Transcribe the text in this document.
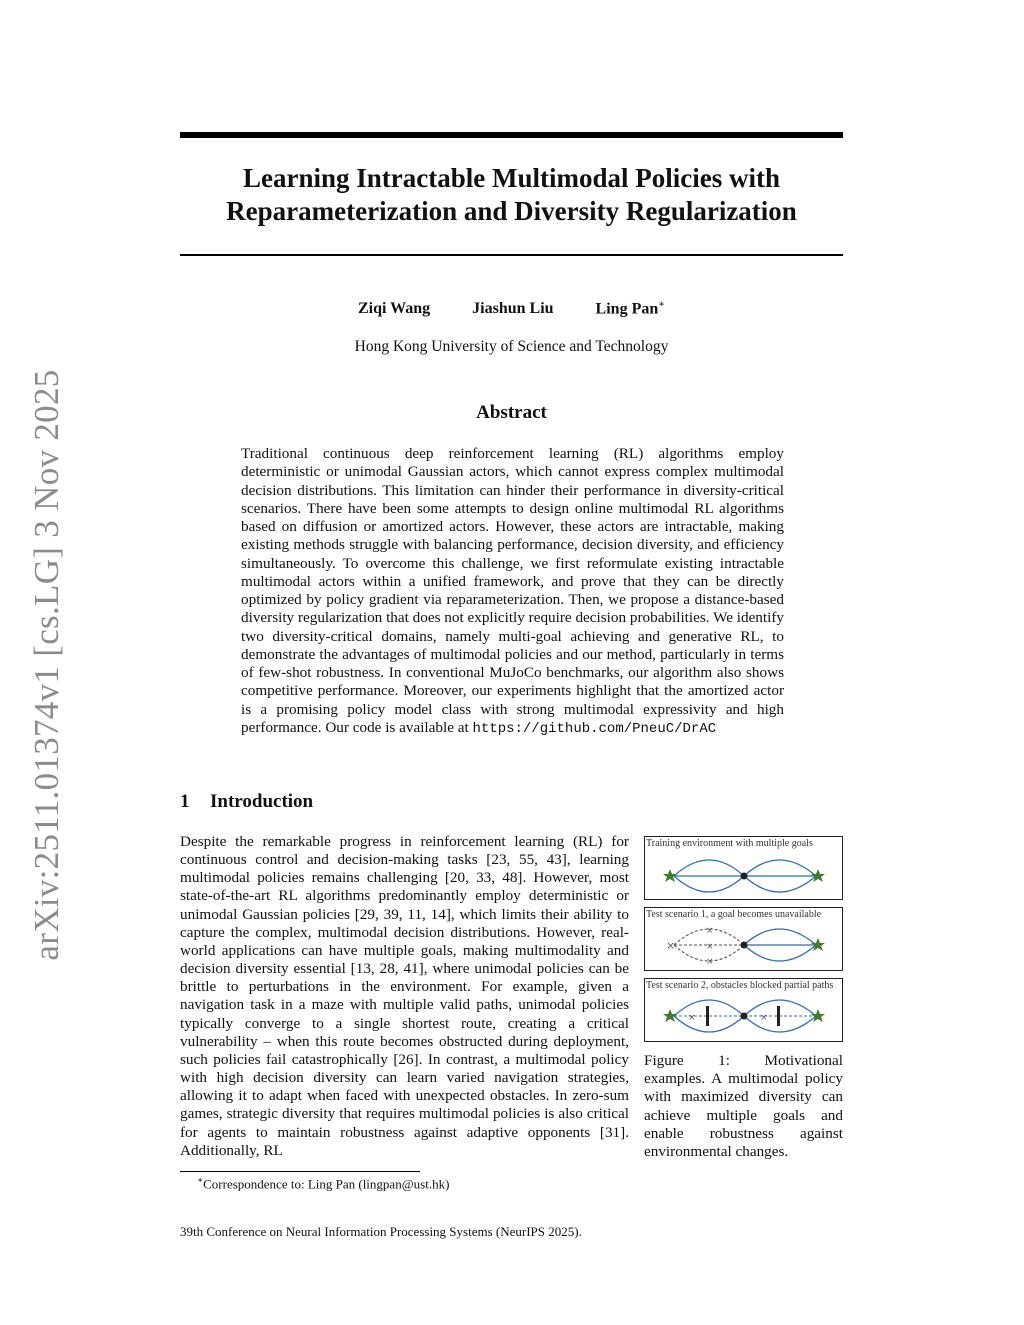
arXiv:2511.01374v1 [cs.LG] 3 Nov 2025
Learning Intractable Multimodal Policies with Reparameterization and Diversity Regularization
Ziqi Wang	Jiashun Liu	Ling Pan∗
Hong Kong University of Science and Technology
Abstract

Traditional continuous deep reinforcement learning (RL) algorithms employ deterministic or unimodal Gaussian actors, which cannot express complex multimodal decision distributions. This limitation can hinder their performance in diversity-critical scenarios. There have been some attempts to design online multimodal RL algorithms based on diffusion or amortized actors. However, these actors are intractable, making existing methods struggle with balancing performance, decision diversity, and efficiency simultaneously. To overcome this challenge, we first reformulate existing intractable multimodal actors within a unified framework, and prove that they can be directly optimized by policy gradient via reparameterization. Then, we propose a distance-based diversity regularization that does not explicitly require decision probabilities. We identify two diversity-critical domains, namely multi-goal achieving and generative RL, to demonstrate the advantages of multimodal policies and our method, particularly in terms of few-shot robustness. In conventional MuJoCo benchmarks, our algorithm also shows competitive performance. Moreover, our experiments highlight that the amortized actor is a promising policy model class with strong multimodal expressivity and high performance. Our code is available at https://github.com/PneuC/DrAC

1 Introduction

Despite the remarkable progress in reinforcement learning (RL) for continuous control and decision-making tasks [23, 55, 43], learning multimodal policies remains challenging [20, 33, 48]. However, most state-of-the-art RL algorithms predominantly employ deterministic or unimodal Gaussian policies [29, 39, 11, 14], which limits their ability to capture the complex, multimodal decision distributions. However, real-world applications can have multiple goals, making multimodality and decision diversity essential [13, 28, 41], where unimodal policies can be brittle to perturbations in the environment. For example, given a navigation task in a maze with multiple valid paths, unimodal policies typically converge to a single shortest route, creating a critical vulnerability – when this route becomes obstructed during deployment, such policies fail catastrophically [26]. In contrast, a multimodal policy with high decision diversity can learn varied navigation strategies, allowing it to adapt when faced with unexpected obstacles. In zero-sum games, strategic diversity that requires multimodal policies is also critical for agents to maintain robustness against adaptive opponents [31]. Additionally, RL

Training environment with multiple goals
×
×
×
×
Test scenario 1, a goal becomes unavailable
×	×
Test scenario 2, obstacles blocked partial paths

Figure 1: Motivational examples. A multimodal policy with maximized diversity can achieve multiple goals and enable robustness against environmental changes.

∗Correspondence to: Ling Pan (lingpan@ust.hk)

39th Conference on Neural Information Processing Systems (NeurIPS 2025).
